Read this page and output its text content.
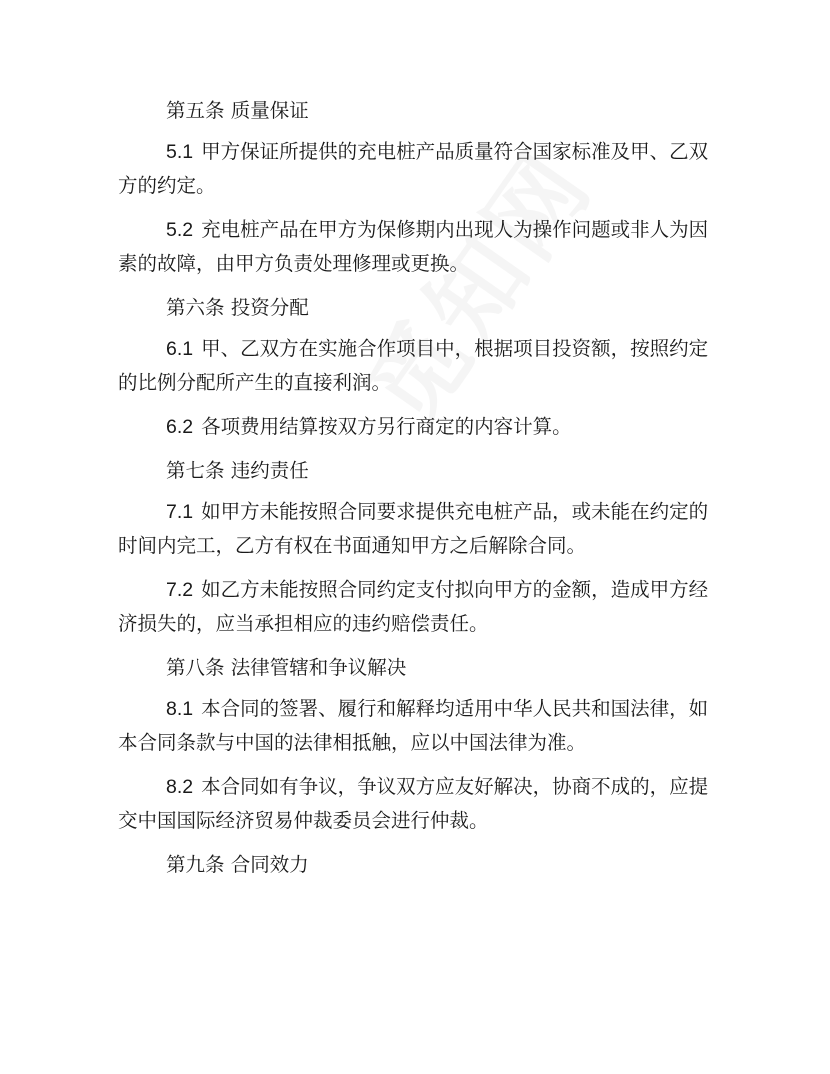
第五条 质量保证
5.1 甲方保证所提供的充电桩产品质量符合国家标准及甲、乙双方的约定。
5.2 充电桩产品在甲方为保修期内出现人为操作问题或非人为因素的故障，由甲方负责处理修理或更换。
第六条 投资分配
6.1 甲、乙双方在实施合作项目中，根据项目投资额，按照约定的比例分配所产生的直接利润。
6.2 各项费用结算按双方另行商定的内容计算。
第七条 违约责任
7.1 如甲方未能按照合同要求提供充电桩产品，或未能在约定的时间内完工，乙方有权在书面通知甲方之后解除合同。
7.2 如乙方未能按照合同约定支付拟向甲方的金额，造成甲方经济损失的，应当承担相应的违约赔偿责任。
第八条 法律管辖和争议解决
8.1 本合同的签署、履行和解释均适用中华人民共和国法律，如本合同条款与中国的法律相抵触，应以中国法律为准。
8.2 本合同如有争议，争议双方应友好解决，协商不成的，应提交中国国际经济贸易仲裁委员会进行仲裁。
第九条 合同效力
